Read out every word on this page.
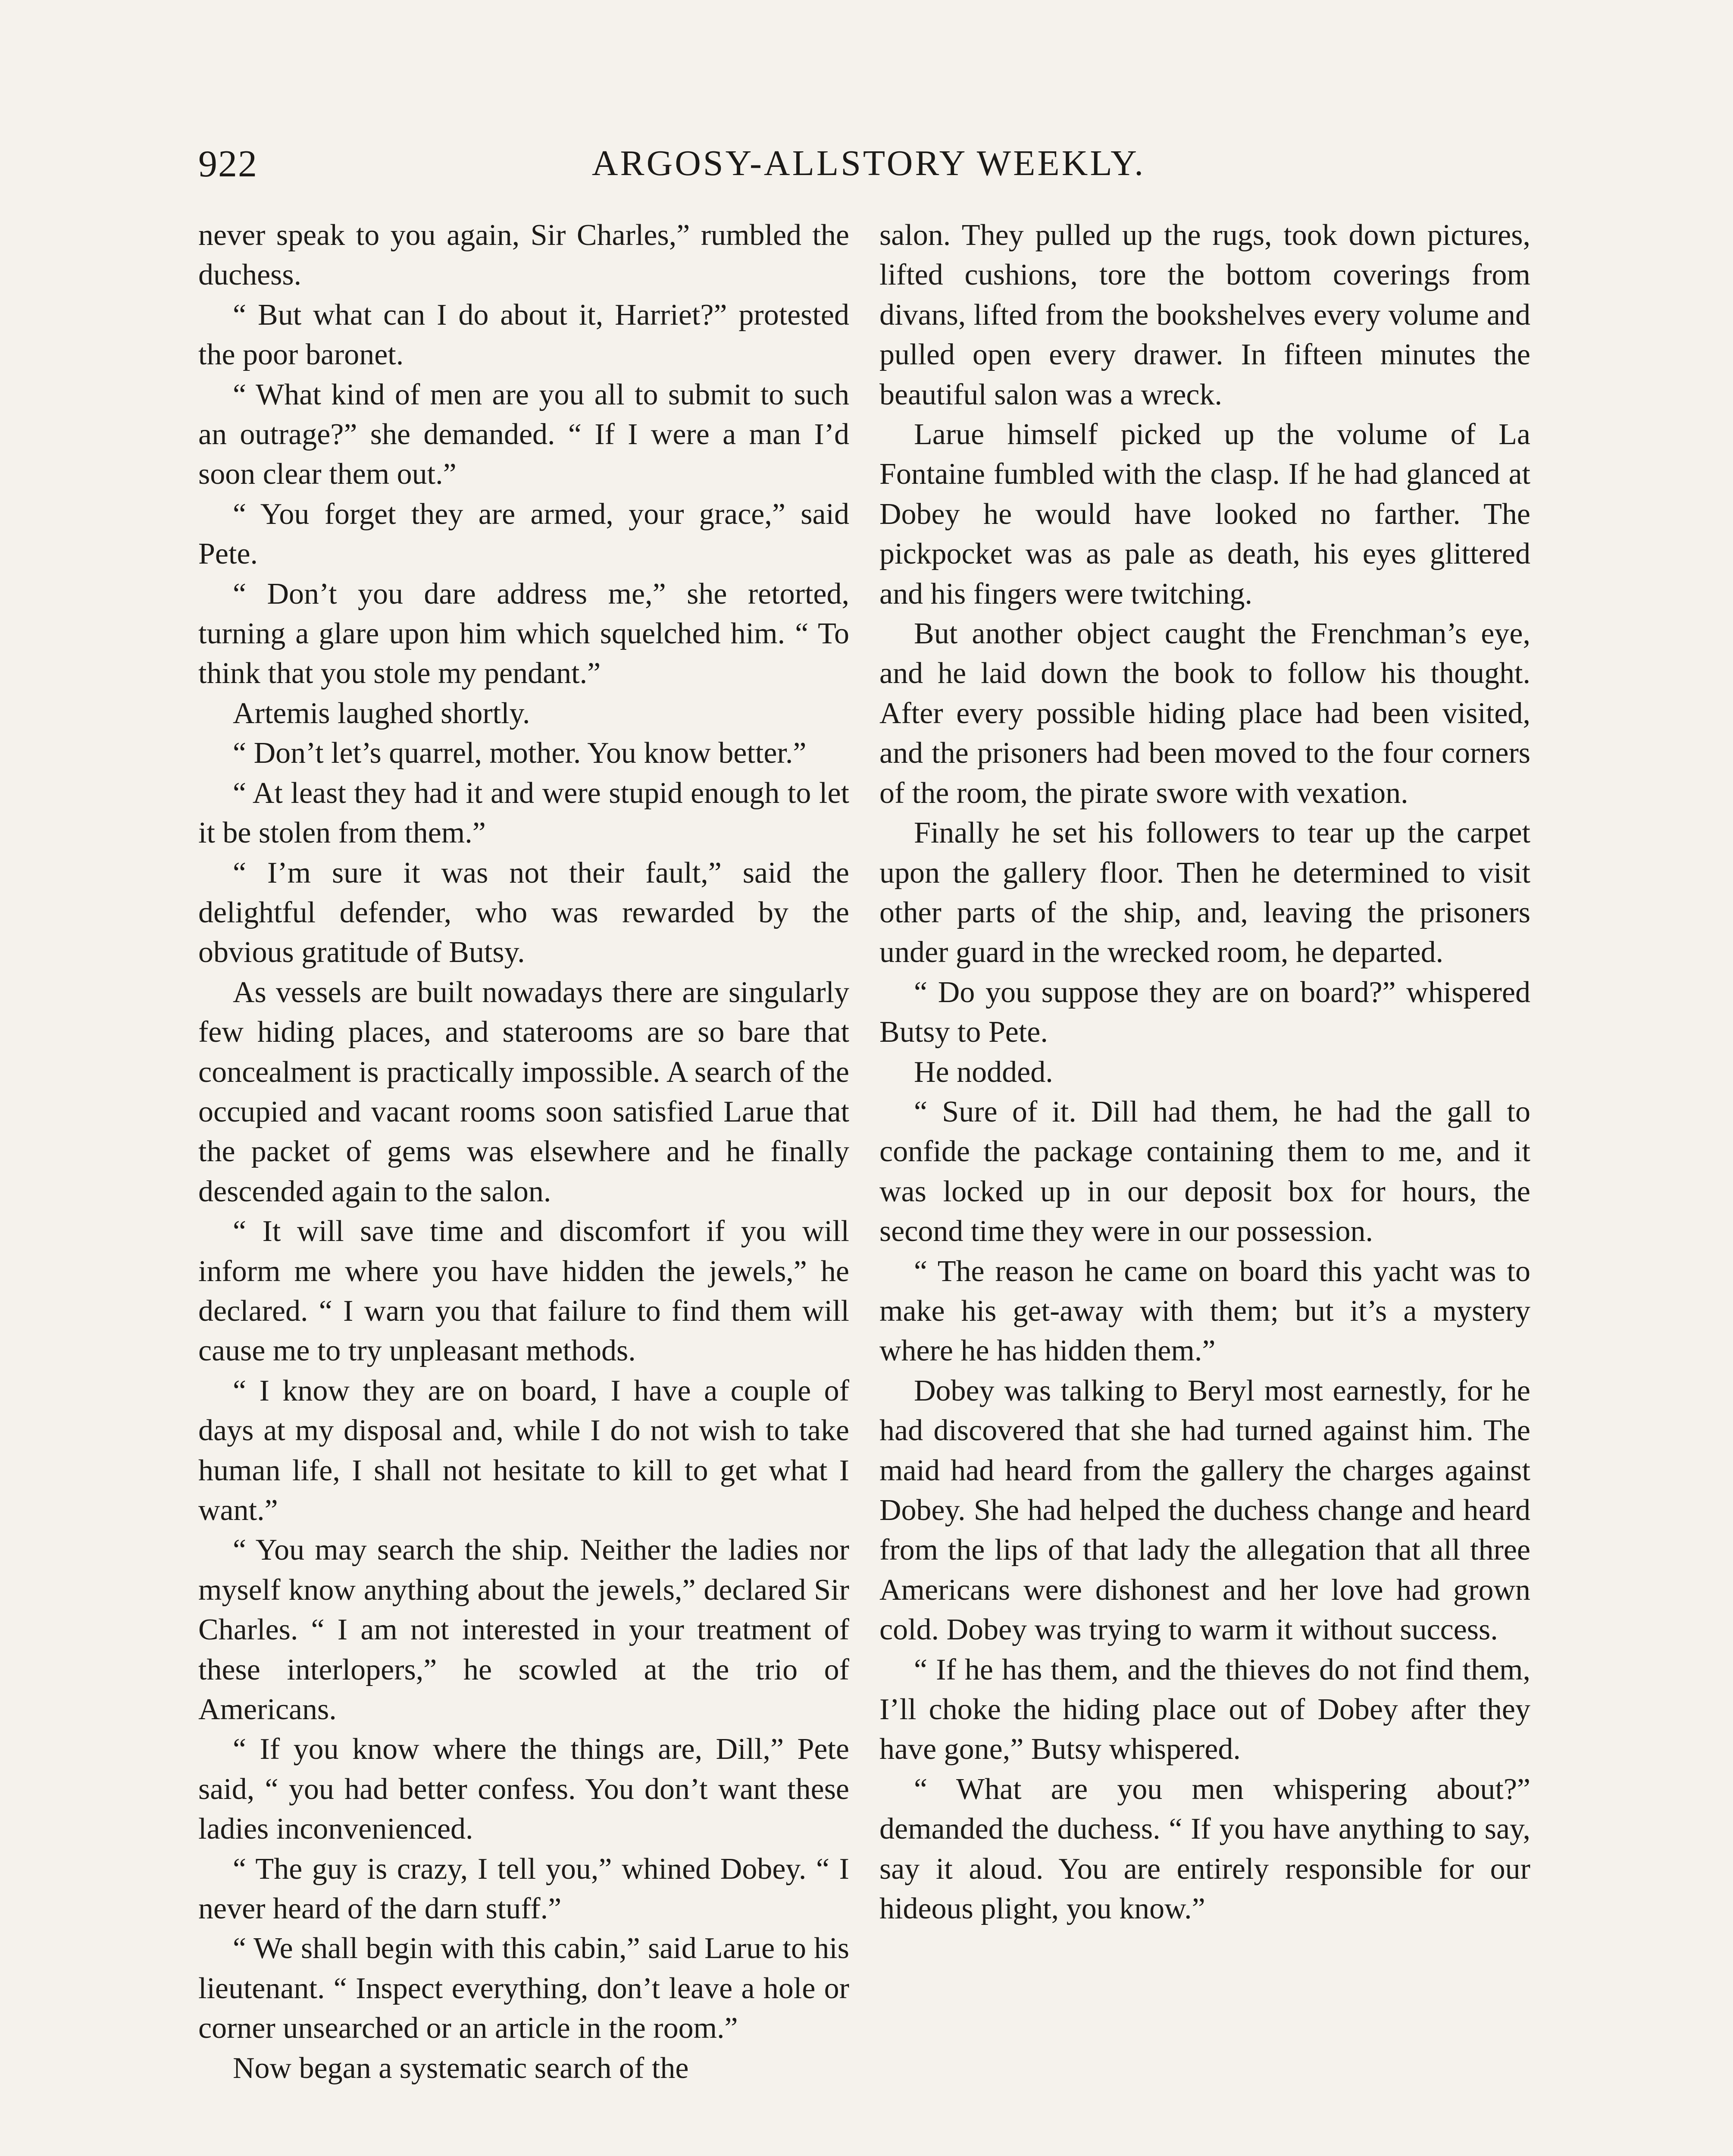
922	ARGOSY-ALLSTORY WEEKLY.

never speak to you again, Sir Charles,” rumbled the duchess.

“ But what can I do about it, Harriet?” protested the poor baronet.

“ What kind of men are you all to submit to such an outrage?” she demanded. “ If I were a man I’d soon clear them out.”

“ You forget they are armed, your grace,” said Pete.

“ Don’t you dare address me,” she retorted, turning a glare upon him which squelched him. “ To think that you stole my pendant.”

Artemis laughed shortly.

“ Don’t let’s quarrel, mother. You know better.”

“ At least they had it and were stupid enough to let it be stolen from them.”

“ I’m sure it was not their fault,” said the delightful defender, who was rewarded by the obvious gratitude of Butsy.

As vessels are built nowadays there are singularly few hiding places, and staterooms are so bare that concealment is practically impossible. A search of the occupied and vacant rooms soon satisfied Larue that the packet of gems was elsewhere and he finally descended again to the salon.

“ It will save time and discomfort if you will inform me where you have hidden the jewels,” he declared. “ I warn you that failure to find them will cause me to try unpleasant methods.

“ I know they are on board, I have a couple of days at my disposal and, while I do not wish to take human life, I shall not hesitate to kill to get what I want.”

“ You may search the ship. Neither the ladies nor myself know anything about the jewels,” declared Sir Charles. “ I am not interested in your treatment of these interlopers,” he scowled at the trio of Americans.

“ If you know where the things are, Dill,” Pete said, “ you had better confess. You don’t want these ladies inconvenienced.

“ The guy is crazy, I tell you,” whined Dobey. “ I never heard of the darn stuff.”

“ We shall begin with this cabin,” said Larue to his lieutenant. “ Inspect everything, don’t leave a hole or corner unsearched or an article in the room.”

Now began a systematic search of the

salon. They pulled up the rugs, took down pictures, lifted cushions, tore the bottom coverings from divans, lifted from the bookshelves every volume and pulled open every drawer. In fifteen minutes the beautiful salon was a wreck.

Larue himself picked up the volume of La Fontaine fumbled with the clasp. If he had glanced at Dobey he would have looked no farther. The pickpocket was as pale as death, his eyes glittered and his fingers were twitching.

But another object caught the Frenchman’s eye, and he laid down the book to follow his thought. After every possible hiding place had been visited, and the prisoners had been moved to the four corners of the room, the pirate swore with vexation.

Finally he set his followers to tear up the carpet upon the gallery floor. Then he determined to visit other parts of the ship, and, leaving the prisoners under guard in the wrecked room, he departed.

“ Do you suppose they are on board?” whispered Butsy to Pete.

He nodded.

“ Sure of it. Dill had them, he had the gall to confide the package containing them to me, and it was locked up in our deposit box for hours, the second time they were in our possession.

“ The reason he came on board this yacht was to make his get-away with them; but it’s a mystery where he has hidden them.”

Dobey was talking to Beryl most earnestly, for he had discovered that she had turned against him. The maid had heard from the gallery the charges against Dobey. She had helped the duchess change and heard from the lips of that lady the allegation that all three Americans were dishonest and her love had grown cold. Dobey was trying to warm it without success.

“ If he has them, and the thieves do not find them, I’ll choke the hiding place out of Dobey after they have gone,” Butsy whispered.

“ What are you men whispering about?” demanded the duchess. “ If you have anything to say, say it aloud. You are entirely responsible for our hideous plight, you know.”
